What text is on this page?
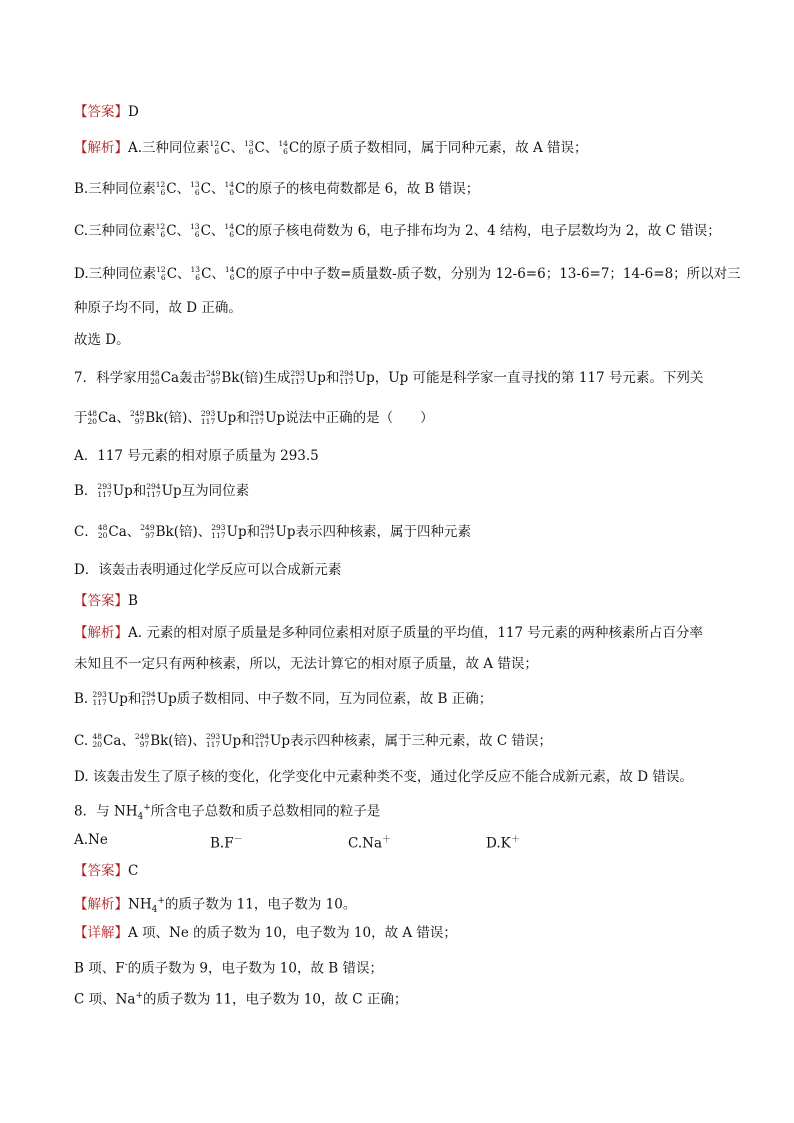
【答案】D
【解析】A.三种同位素 12
6 C、 13
6 C、 14
6 C的原子质子数相同，属于同种元素，故 A 错误；
B.三种同位素 12
6 C、 13
6 C、 14
6 C的原子的核电荷数都是 6，故 B 错误；
C.三种同位素 12
6 C、 13
6 C、 14
6 C的原子核电荷数为 6，电子排布均为 2、4 结构，电子层数均为 2，故 C 错误；
D.三种同位素 12
6 C、 13
6 C、 14
6 C的原子中中子数=质量数-质子数，分别为 12-6=6；13-6=7；14-6=8；所以对三
种原子均不同，故 D 正确。
故选 D。
7．科学家用 48
20 Ca轰击 249
97 Bk(锫)生成 293
117 Up和 294
117 Up，Up 可能是科学家一直寻找的第 117 号元素。下列关
于 48
20 Ca、 249
97 Bk(锫)、 293
117 Up和 294
117 Up说法中正确的是（　　）
A．117 号元素的相对原子质量为 293.5
B． 293
117 Up和 294
117 Up互为同位素
C． 48
20 Ca、 249
97 Bk(锫)、 293
117 Up和 294
117 Up表示四种核素，属于四种元素
D．该轰击表明通过化学反应可以合成新元素
【答案】B
【解析】A. 元素的相对原子质量是多种同位素相对原子质量的平均值，117 号元素的两种核素所占百分率
未知且不一定只有两种核素，所以，无法计算它的相对原子质量，故 A 错误；
B. 293
117 Up和 294
117 Up质子数相同、中子数不同，互为同位素，故 B 正确；
C. 48
20 Ca、 249
97 Bk(锫)、 293
117 Up和 294
117 Up表示四种核素，属于三种元素，故 C 错误；
D. 该轰击发生了原子核的变化，化学变化中元素种类不变，通过化学反应不能合成新元素，故 D 错误。
8．与 $NH_4^+$所含电子总数和质子总数相同的粒子是
A.Ne	B.F－	C.Na＋	D.K＋
【答案】C
【解析】$NH_4^+$的质子数为 11，电子数为 10。
【详解】A 项、Ne 的质子数为 10，电子数为 10，故 A 错误；
B 项、F-的质子数为 9，电子数为 10，故 B 错误；
C 项、Na+的质子数为 11，电子数为 10，故 C 正确；
